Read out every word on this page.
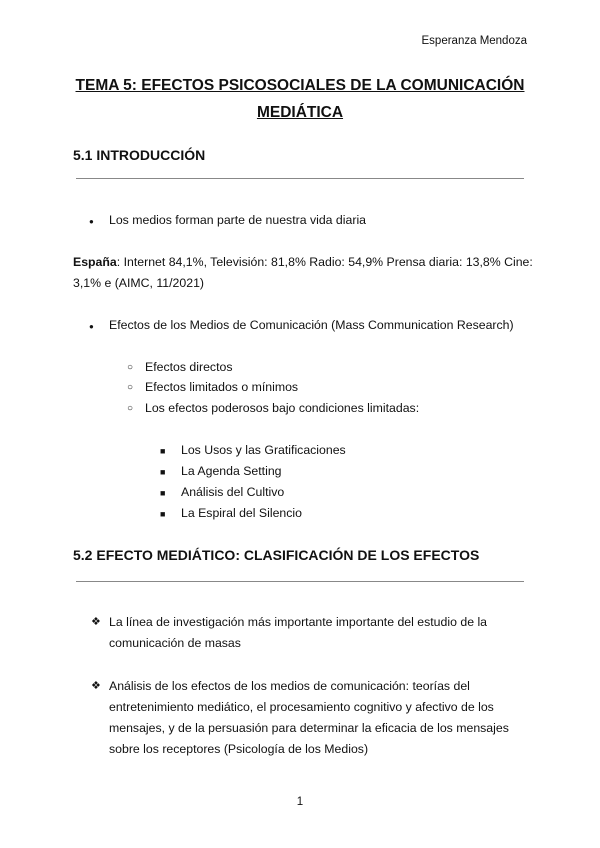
Esperanza Mendoza
TEMA 5: EFECTOS PSICOSOCIALES DE LA COMUNICACIÓN
MEDIÁTICA
5.1 INTRODUCCIÓN
● Los medios forman parte de nuestra vida diaria
España: Internet 84,1%, Televisión: 81,8% Radio: 54,9% Prensa diaria: 13,8% Cine:
3,1% e (AIMC, 11/2021)
● Efectos de los Medios de Comunicación (Mass Communication Research)
○ Efectos directos
○ Efectos limitados o mínimos
○ Los efectos poderosos bajo condiciones limitadas:
■ Los Usos y las Gratificaciones
■ La Agenda Setting
■ Análisis del Cultivo
■ La Espiral del Silencio
5.2 EFECTO MEDIÁTICO: CLASIFICACIÓN DE LOS EFECTOS
❖ La línea de investigación más importante importante del estudio de la
comunicación de masas
❖ Análisis de los efectos de los medios de comunicación: teorías del
entretenimiento mediático, el procesamiento cognitivo y afectivo de los
mensajes, y de la persuasión para determinar la eficacia de los mensajes
sobre los receptores (Psicología de los Medios)
1
